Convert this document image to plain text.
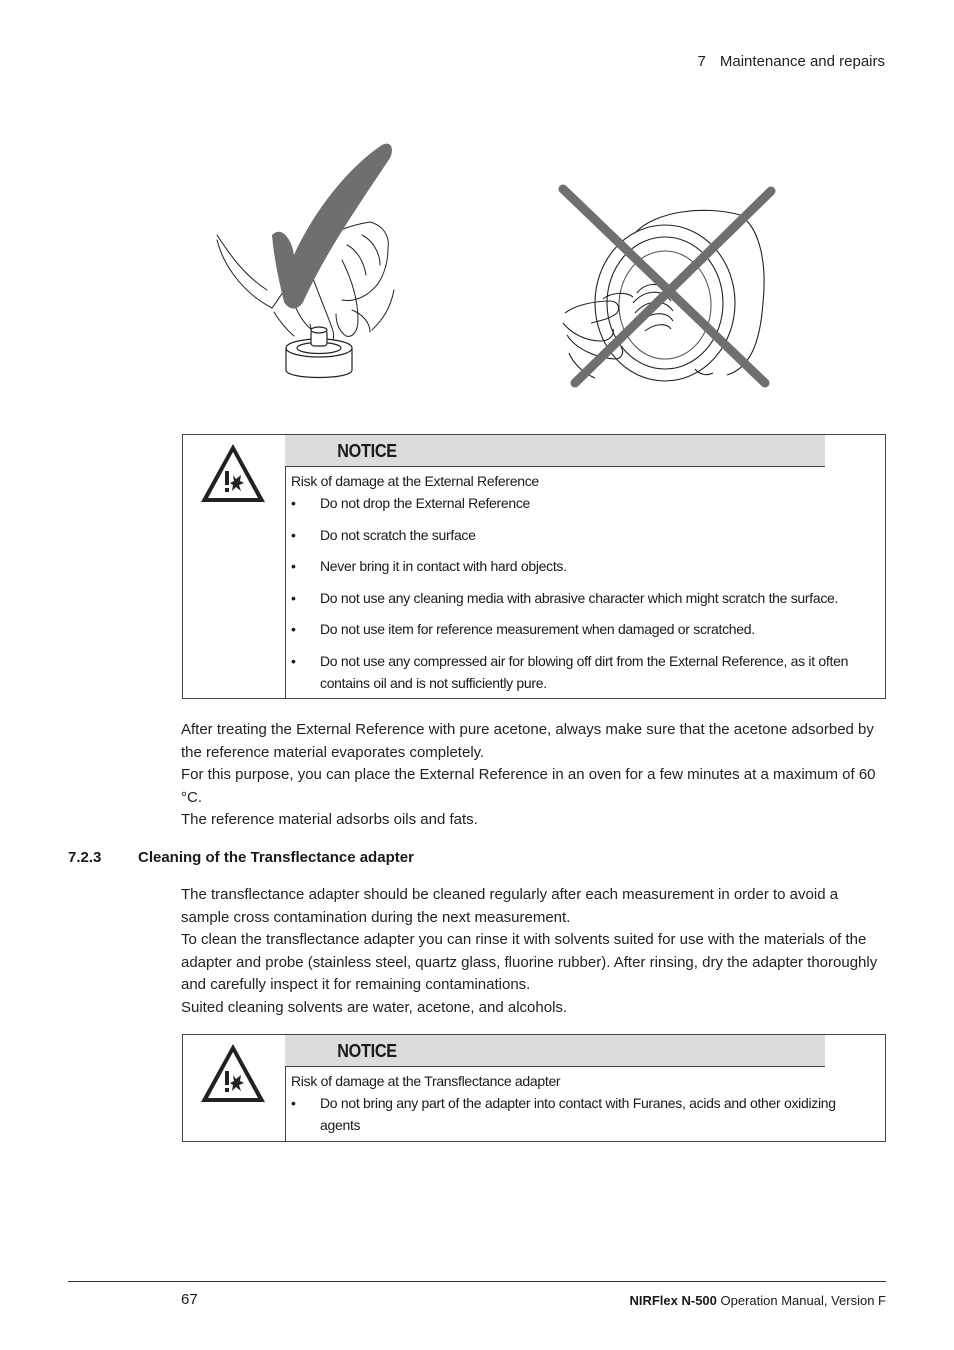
7 Maintenance and repairs
NOTICE
Risk of damage at the External Reference
• Do not drop the External Reference
• Do not scratch the surface
• Never bring it in contact with hard objects.
• Do not use any cleaning media with abrasive character which might scratch the surface.
• Do not use item for reference measurement when damaged or scratched.
• Do not use any compressed air for blowing off dirt from the External Reference, as it often contains oil and is not sufficiently pure.

After treating the External Reference with pure acetone, always make sure that the acetone adsorbed by the reference material evaporates completely.

For this purpose, you can place the External Reference in an oven for a few minutes at a maximum of 60 °C.

The reference material adsorbs oils and fats.

7.2.3 Cleaning of the Transflectance adapter

The transflectance adapter should be cleaned regularly after each measurement in order to avoid a sample cross contamination during the next measurement.

To clean the transflectance adapter you can rinse it with solvents suited for use with the materials of the adapter and probe (stainless steel, quartz glass, fluorine rubber). After rinsing, dry the adapter thoroughly and carefully inspect it for remaining contaminations.

Suited cleaning solvents are water, acetone, and alcohols.

NOTICE
Risk of damage at the Transflectance adapter
• Do not bring any part of the adapter into contact with Furanes, acids and other oxidizing agents
67	NIRFlex N-500 Operation Manual, Version F
